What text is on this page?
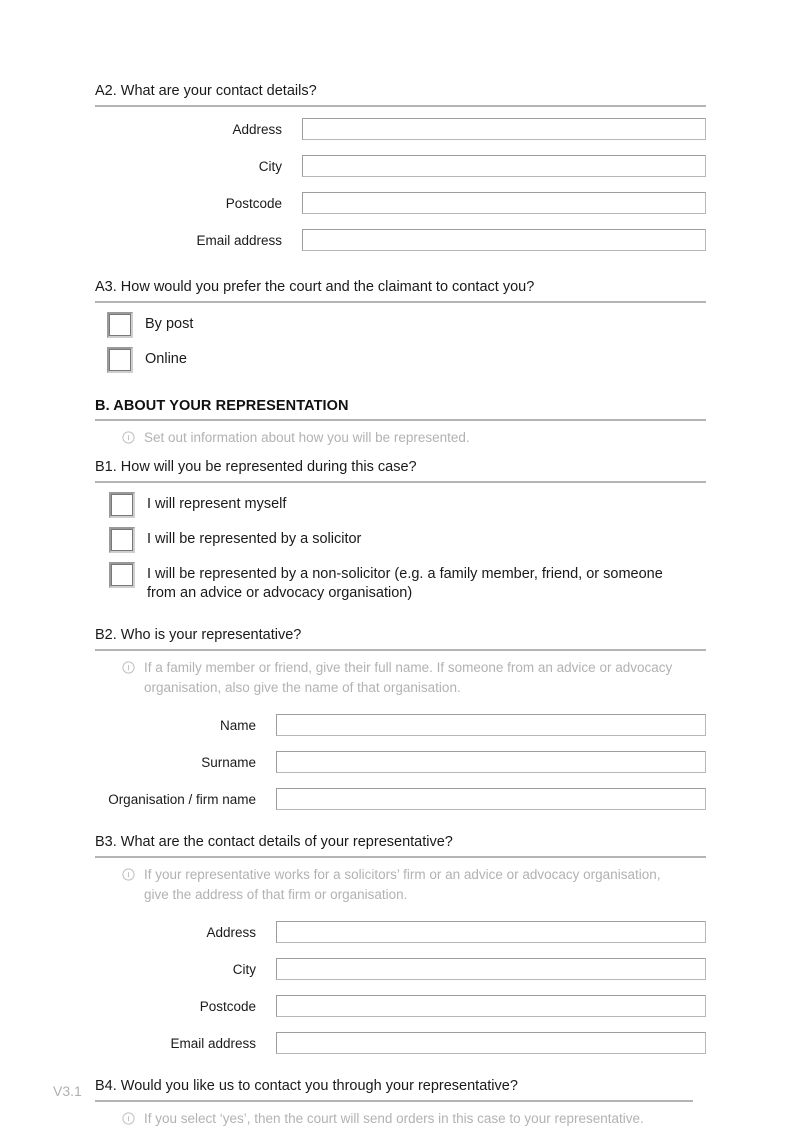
A2. What are your contact details?
Address
City
Postcode
Email address
A3. How would you prefer the court and the claimant to contact you?
By post
Online
B. ABOUT YOUR REPRESENTATION
Set out information about how you will be represented.
B1. How will you be represented during this case?
I will represent myself
I will be represented by a solicitor
I will be represented by a non-solicitor (e.g. a family member, friend, or someone from an advice or advocacy organisation)
B2. Who is your representative?
If a family member or friend, give their full name. If someone from an advice or advocacy organisation, also give the name of that organisation.
Name
Surname
Organisation / firm name
B3. What are the contact details of your representative?
If your representative works for a solicitors’ firm or an advice or advocacy organisation, give the address of that firm or organisation.
Address
City
Postcode
Email address
B4. Would you like us to contact you through your representative?
If you select ‘yes’, then the court will send orders in this case to your representative.
V3.1
